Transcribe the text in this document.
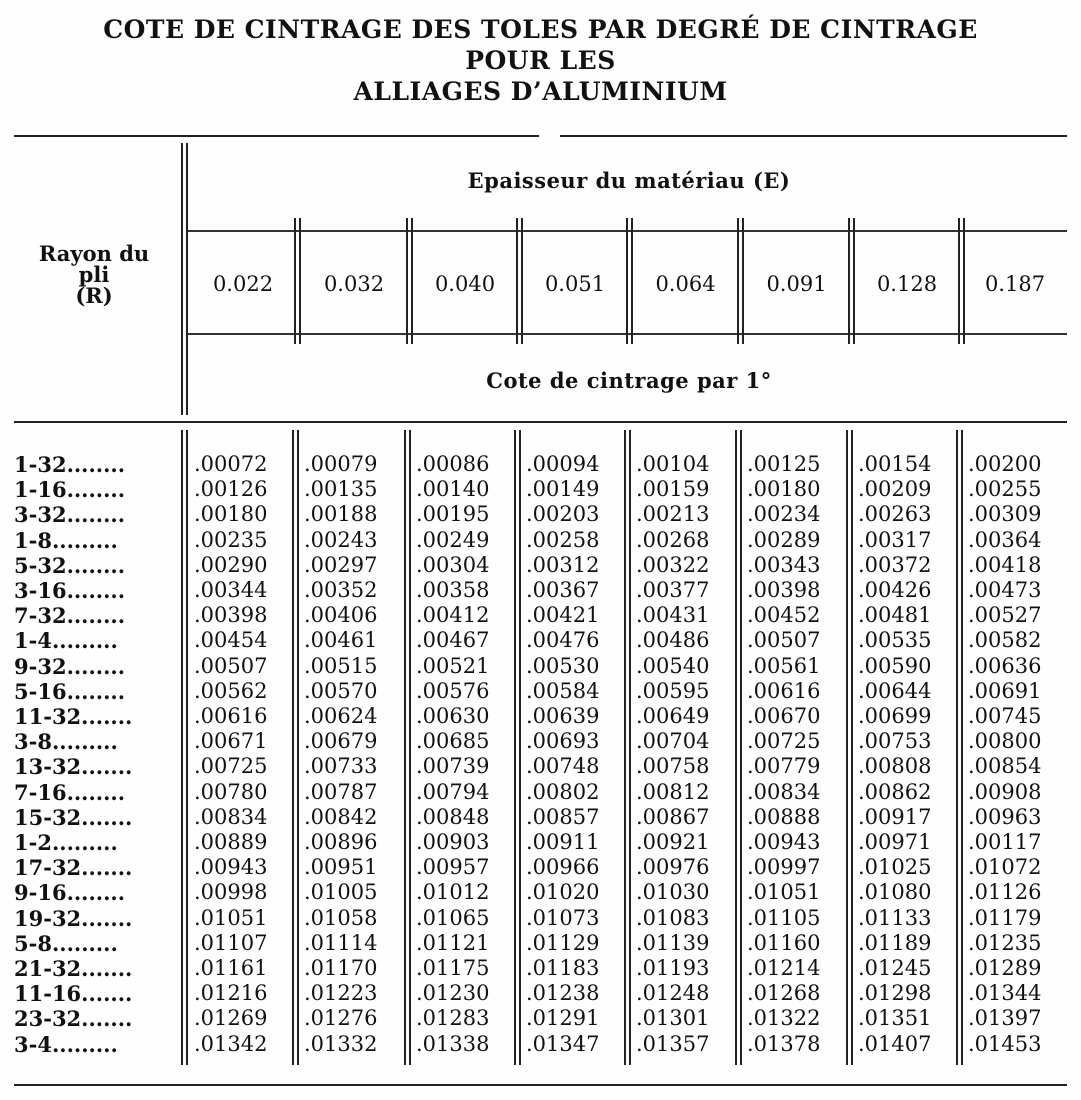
COTE DE CINTRAGE DES TOLES PAR DEGRÉ DE CINTRAGE
POUR LES
ALLIAGES D’ALUMINIUM
Rayon du
pli
(R)
Epaisseur du matériau (E)
Cote de cintrage par 1°
0.022	0.032	0.040	0.051	0.064	0.091	0.128	0.187
1-32........	.00072	.00079	.00086	.00094	.00104	.00125	.00154	.00200
1-16........	.00126	.00135	.00140	.00149	.00159	.00180	.00209	.00255
3-32........	.00180	.00188	.00195	.00203	.00213	.00234	.00263	.00309
1-8.........	.00235	.00243	.00249	.00258	.00268	.00289	.00317	.00364
5-32........	.00290	.00297	.00304	.00312	.00322	.00343	.00372	.00418
3-16........	.00344	.00352	.00358	.00367	.00377	.00398	.00426	.00473
7-32........	.00398	.00406	.00412	.00421	.00431	.00452	.00481	.00527
1-4.........	.00454	.00461	.00467	.00476	.00486	.00507	.00535	.00582
9-32........	.00507	.00515	.00521	.00530	.00540	.00561	.00590	.00636
5-16........	.00562	.00570	.00576	.00584	.00595	.00616	.00644	.00691
11-32.......	.00616	.00624	.00630	.00639	.00649	.00670	.00699	.00745
3-8.........	.00671	.00679	.00685	.00693	.00704	.00725	.00753	.00800
13-32.......	.00725	.00733	.00739	.00748	.00758	.00779	.00808	.00854
7-16........	.00780	.00787	.00794	.00802	.00812	.00834	.00862	.00908
15-32.......	.00834	.00842	.00848	.00857	.00867	.00888	.00917	.00963
1-2.........	.00889	.00896	.00903	.00911	.00921	.00943	.00971	.00117
17-32.......	.00943	.00951	.00957	.00966	.00976	.00997	.01025	.01072
9-16........	.00998	.01005	.01012	.01020	.01030	.01051	.01080	.01126
19-32.......	.01051	.01058	.01065	.01073	.01083	.01105	.01133	.01179
5-8.........	.01107	.01114	.01121	.01129	.01139	.01160	.01189	.01235
21-32.......	.01161	.01170	.01175	.01183	.01193	.01214	.01245	.01289
11-16.......	.01216	.01223	.01230	.01238	.01248	.01268	.01298	.01344
23-32.......	.01269	.01276	.01283	.01291	.01301	.01322	.01351	.01397
3-4.........	.01342	.01332	.01338	.01347	.01357	.01378	.01407	.01453
